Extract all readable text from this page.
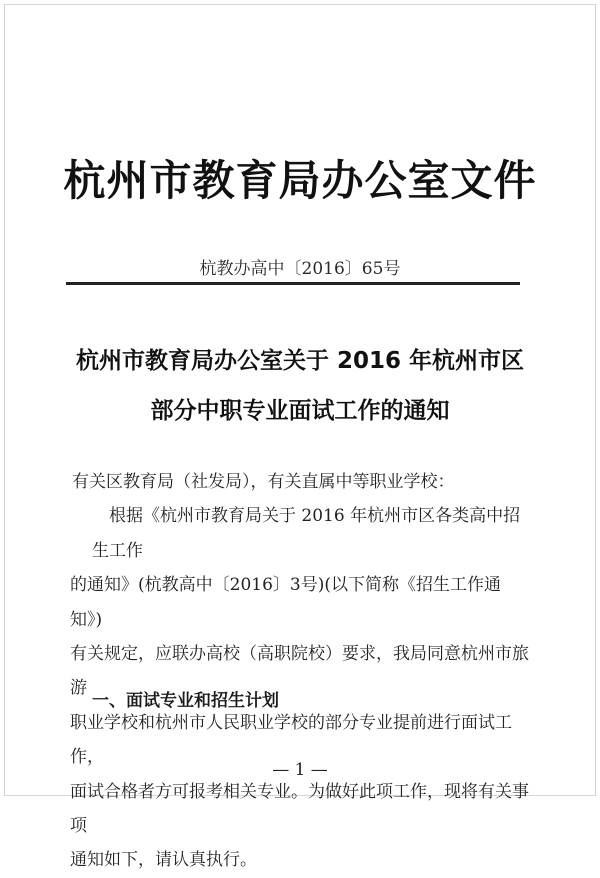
杭州市教育局办公室文件
杭教办高中〔2016〕65号
杭州市教育局办公室关于 2016 年杭州市区
部分中职专业面试工作的通知

有关区教育局（社发局），有关直属中等职业学校：

根据《杭州市教育局关于 2016 年杭州市区各类高中招生工作

的通知》(杭教高中〔2016〕3号)(以下简称《招生工作通知》)

有关规定，应联办高校（高职院校）要求，我局同意杭州市旅游

职业学校和杭州市人民职业学校的部分专业提前进行面试工作，

面试合格者方可报考相关专业。为做好此项工作，现将有关事项

通知如下，请认真执行。

一、面试专业和招生计划
— 1 —
